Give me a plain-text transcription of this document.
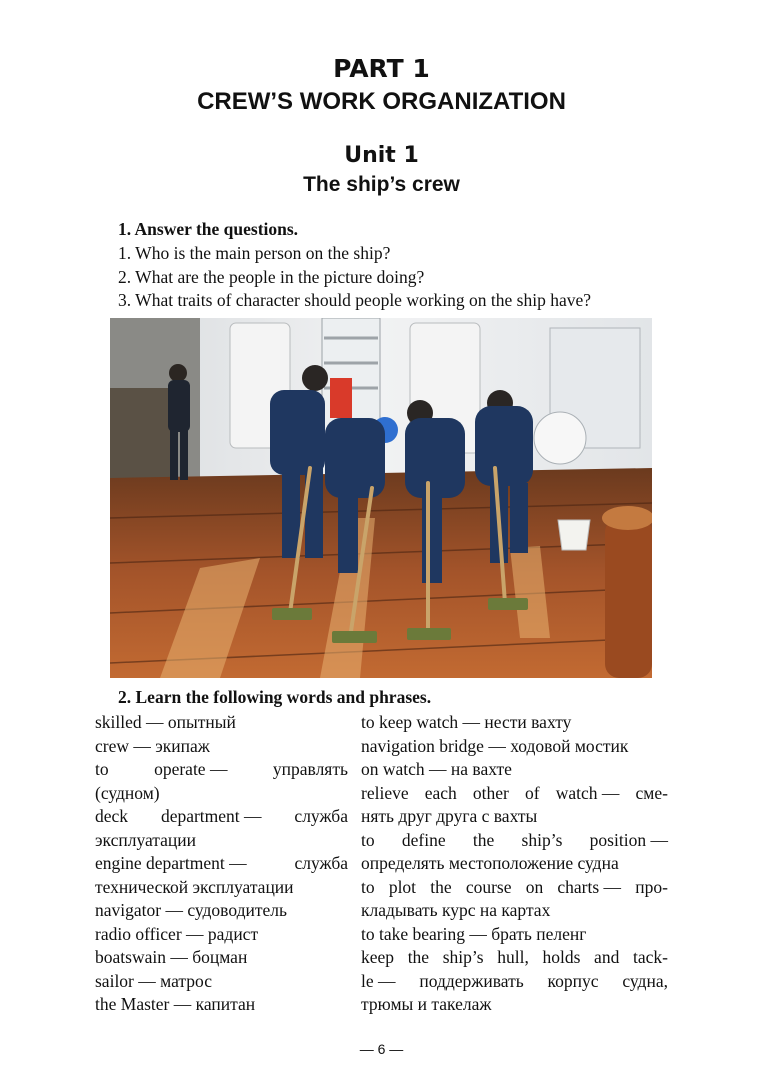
PART 1
CREW’S WORK ORGANIZATION
Unit 1
The ship’s crew
1. Answer the questions.
1. Who is the main person on the ship?
2. What are the people in the picture doing?
3. What traits of character should people working on the ship have?
2. Learn the following words and phrases.
skilled — опытный
crew — экипаж
to	operate —	управлять
(судном)
deck department — служба
эксплуатации
engine department —	служба
технической эксплуатации
navigator — судоводитель
radio officer — радист
boatswain — боцман
sailor — матрос
the Master — капитан
to keep watch — нести вахту
navigation bridge — ходовой мостик
on watch — на вахте
relieve each other of watch — сме-
нять друг друга с вахты
to define the ship’s position —
определять местоположение судна
to plot the course on charts — про-
кладывать курс на картах
to take bearing — брать пеленг
keep the ship’s hull, holds and tack-
le — поддерживать корпус судна,
трюмы и такелаж
— 6 —
